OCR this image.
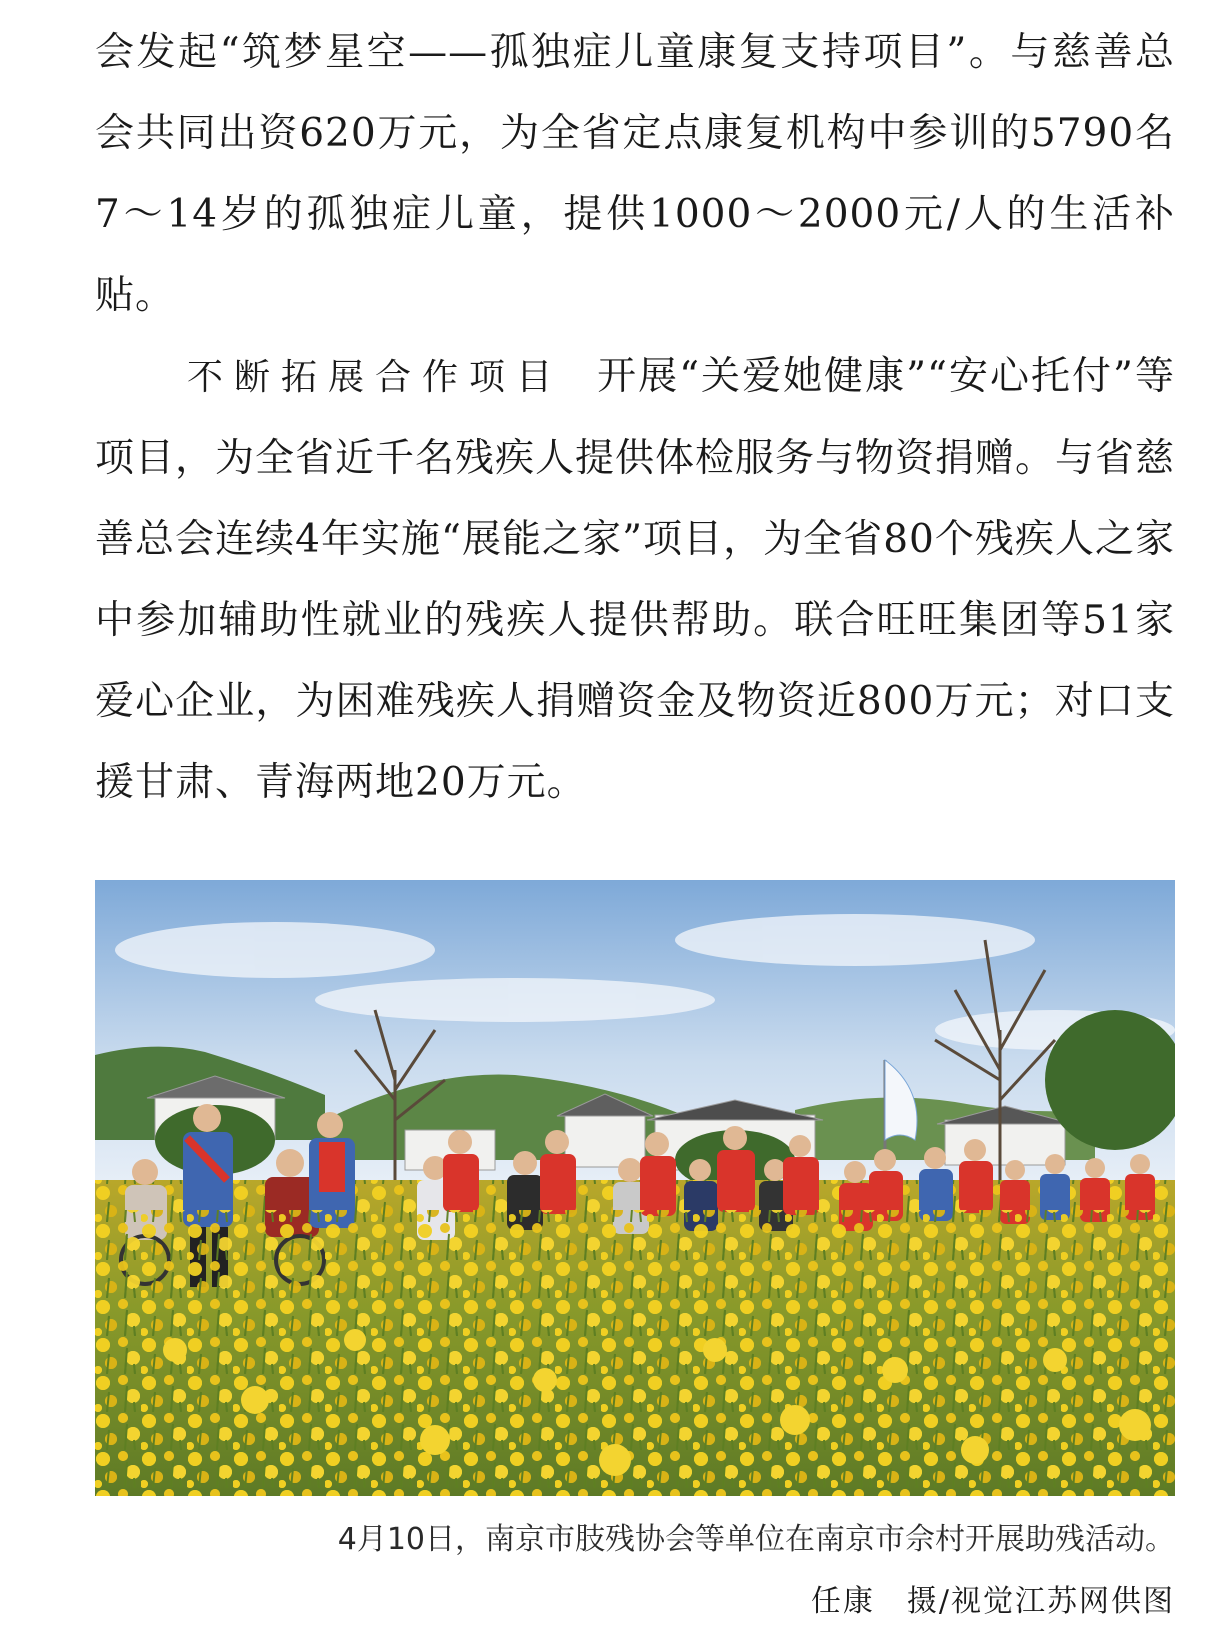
会发起“筑梦星空——孤独症儿童康复支持项目”。与慈善总会共同出资620万元，为全省定点康复机构中参训的5790名7～14岁的孤独症儿童，提供1000～2000元/人的生活补贴。

不断拓展合作项目 开展“关爱她健康”“安心托付”等项目，为全省近千名残疾人提供体检服务与物资捐赠。与省慈善总会连续4年实施“展能之家”项目，为全省80个残疾人之家中参加辅助性就业的残疾人提供帮助。联合旺旺集团等51家爱心企业，为困难残疾人捐赠资金及物资近800万元；对口支援甘肃、青海两地20万元。

4月10日，南京市肢残协会等单位在南京市佘村开展助残活动。
任康　摄/视觉江苏网供图
